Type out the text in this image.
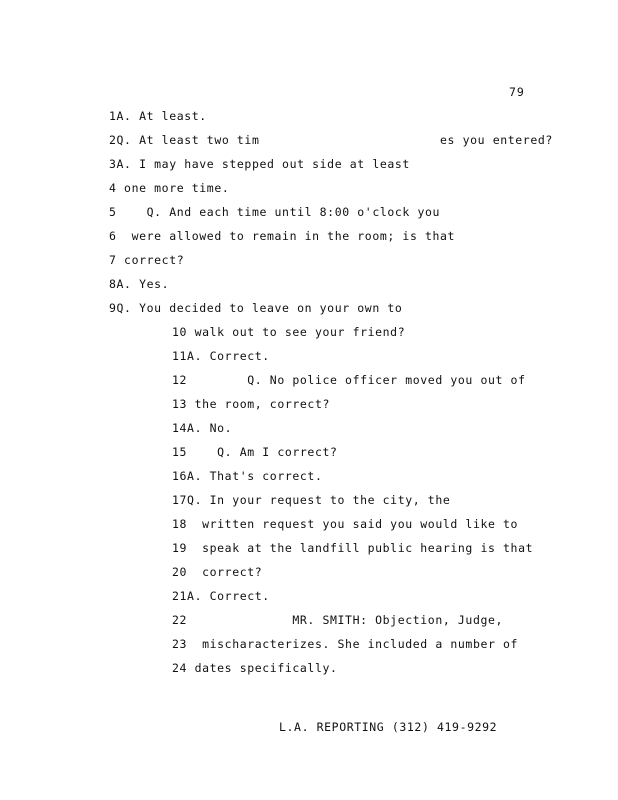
79
1A. At least.
2Q. At least two tim                        es you entered?
3A. I may have stepped out side at least
4 one more time.
5    Q. And each time until 8:00 o'clock you
6  were allowed to remain in the room; is that
7 correct?
8A. Yes.
9Q. You decided to leave on your own to
10 walk out to see your friend?
11A. Correct.
12        Q. No police officer moved you out of
13 the room, correct?
14A. No.
15    Q. Am I correct?
16A. That's correct.
17Q. In your request to the city, the
18  written request you said you would like to
19  speak at the landfill public hearing is that
20  correct?
21A. Correct.
22              MR. SMITH: Objection, Judge,
23  mischaracterizes. She included a number of
24 dates specifically.
L.A. REPORTING (312) 419-9292
